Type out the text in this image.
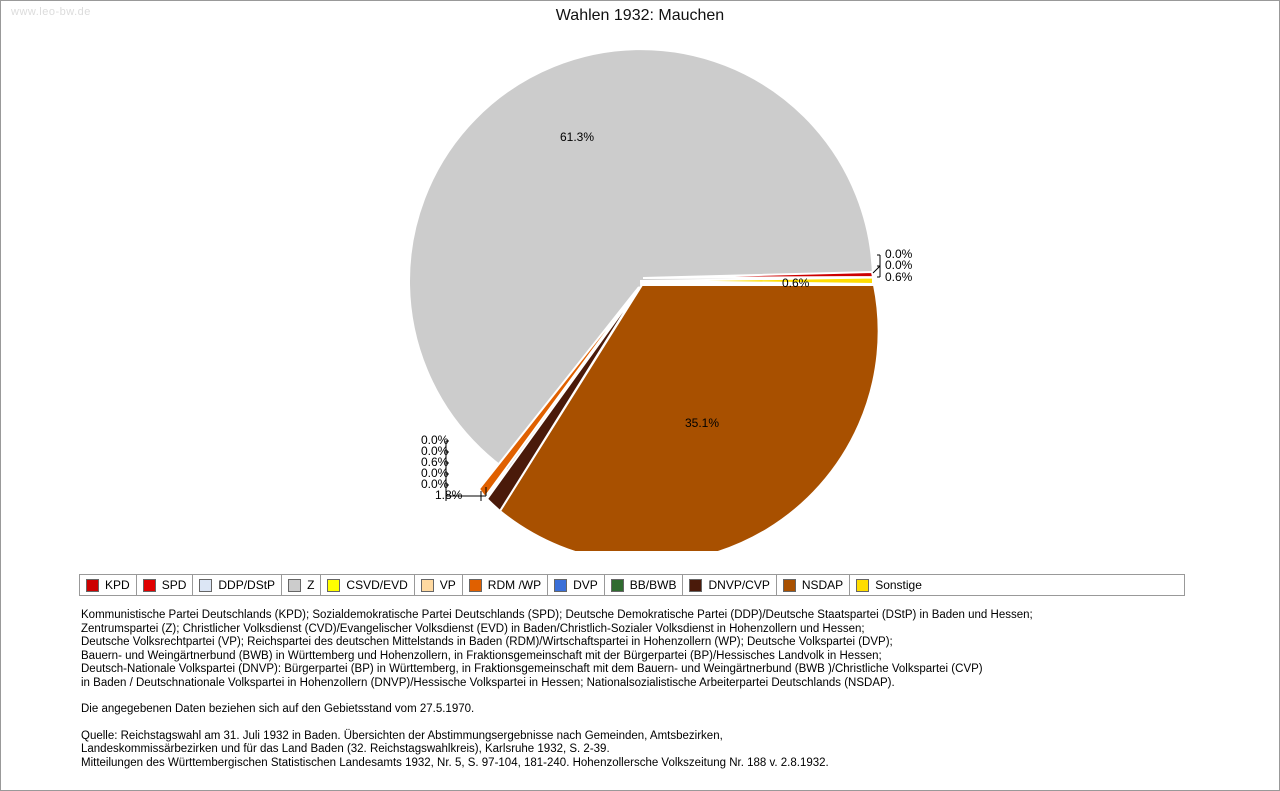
www.leo-bw.de	Wahlen 1932: Mauchen
61.3%
35.1%
0.0%
0.0%
0.6%
0.6%
0.0%
0.0%
0.6%
0.0%
0.0%
1.8%
KPD	SPD	DDP/DStP	Z	CSVD/EVD	VP	RDM /WP	DVP	BB/BWB	DNVP/CVP	NSDAP	Sonstige

Kommunistische Partei Deutschlands (KPD); Sozialdemokratische Partei Deutschlands (SPD); Deutsche Demokratische Partei (DDP)/Deutsche Staatspartei (DStP) in Baden und Hessen;

Zentrumspartei (Z); Christlicher Volksdienst (CVD)/Evangelischer Volksdienst (EVD) in Baden/Christlich-Sozialer Volksdienst in Hohenzollern und Hessen;

Deutsche Volksrechtpartei (VP); Reichspartei des deutschen Mittelstands in Baden (RDM)/Wirtschaftspartei in Hohenzollern (WP); Deutsche Volkspartei (DVP);

Bauern- und Weingärtnerbund (BWB) in Württemberg und Hohenzollern, in Fraktionsgemeinschaft mit der Bürgerpartei (BP)/Hessisches Landvolk in Hessen;

Deutsch-Nationale Volkspartei (DNVP): Bürgerpartei (BP) in Württemberg, in Fraktionsgemeinschaft mit dem Bauern- und Weingärtnerbund (BWB )/Christliche Volkspartei (CVP)

in Baden / Deutschnationale Volkspartei in Hohenzollern (DNVP)/Hessische Volkspartei in Hessen; Nationalsozialistische Arbeiterpartei Deutschlands (NSDAP).

Die angegebenen Daten beziehen sich auf den Gebietsstand vom 27.5.1970.

Quelle: Reichstagswahl am 31. Juli 1932 in Baden. Übersichten der Abstimmungsergebnisse nach Gemeinden, Amtsbezirken,

Landeskommissärbezirken und für das Land Baden (32. Reichstagswahlkreis), Karlsruhe 1932, S. 2-39.

Mitteilungen des Württembergischen Statistischen Landesamts 1932, Nr. 5, S. 97-104, 181-240. Hohenzollersche Volkszeitung Nr. 188 v. 2.8.1932.
